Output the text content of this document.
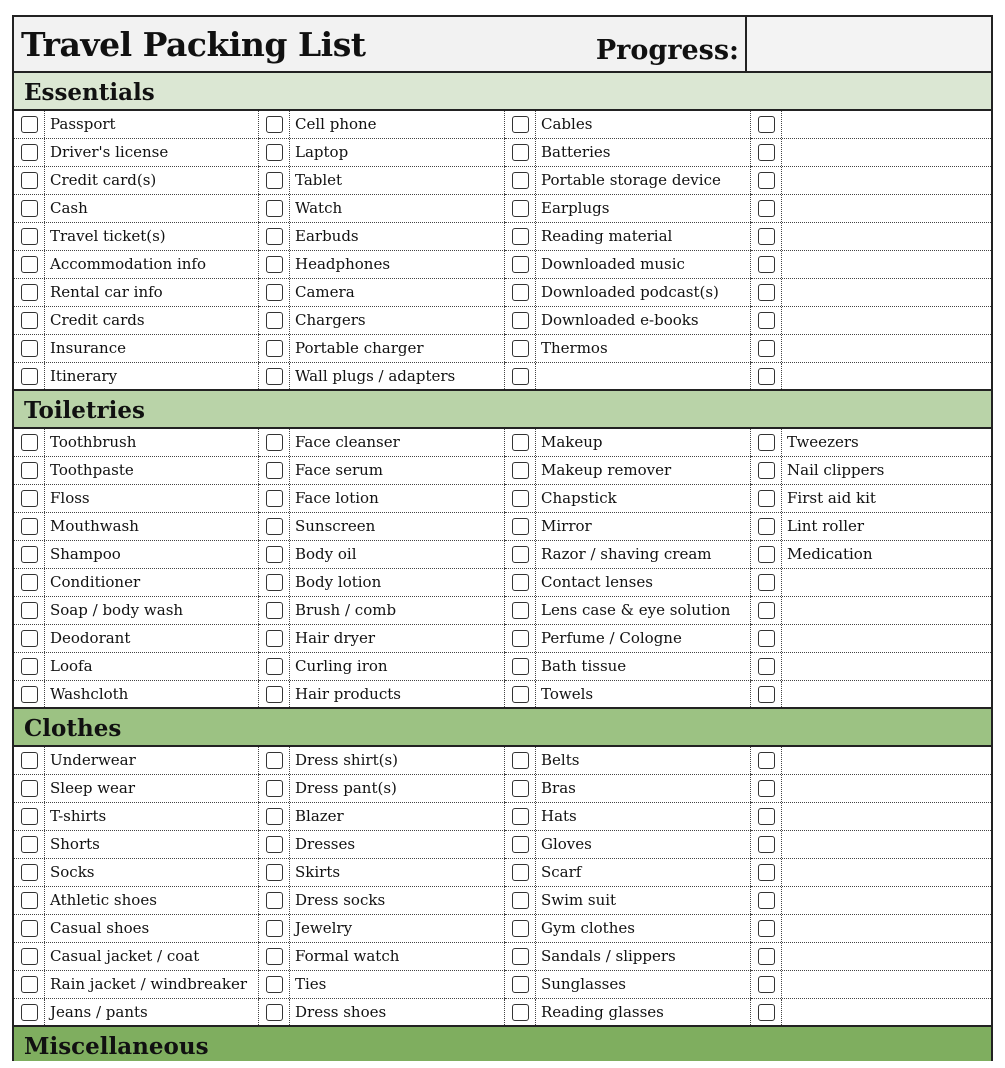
Travel Packing List	Progress:
Essentials
Passport	Cell phone	Cables
Driver's license	Laptop	Batteries
Credit card(s)	Tablet	Portable storage device
Cash	Watch	Earplugs
Travel ticket(s)	Earbuds	Reading material
Accommodation info	Headphones	Downloaded music
Rental car info	Camera	Downloaded podcast(s)
Credit cards	Chargers	Downloaded e-books
Insurance	Portable charger	Thermos
Itinerary	Wall plugs / adapters
Toiletries
Toothbrush	Face cleanser	Makeup	Tweezers
Toothpaste	Face serum	Makeup remover	Nail clippers
Floss	Face lotion	Chapstick	First aid kit
Mouthwash	Sunscreen	Mirror	Lint roller
Shampoo	Body oil	Razor / shaving cream	Medication
Conditioner	Body lotion	Contact lenses
Soap / body wash	Brush / comb	Lens case & eye solution
Deodorant	Hair dryer	Perfume / Cologne
Loofa	Curling iron	Bath tissue
Washcloth	Hair products	Towels
Clothes
Underwear	Dress shirt(s)	Belts
Sleep wear	Dress pant(s)	Bras
T-shirts	Blazer	Hats
Shorts	Dresses	Gloves
Socks	Skirts	Scarf
Athletic shoes	Dress socks	Swim suit
Casual shoes	Jewelry	Gym clothes
Casual jacket / coat	Formal watch	Sandals / slippers
Rain jacket / windbreaker	Ties	Sunglasses
Jeans / pants	Dress shoes	Reading glasses
Miscellaneous
